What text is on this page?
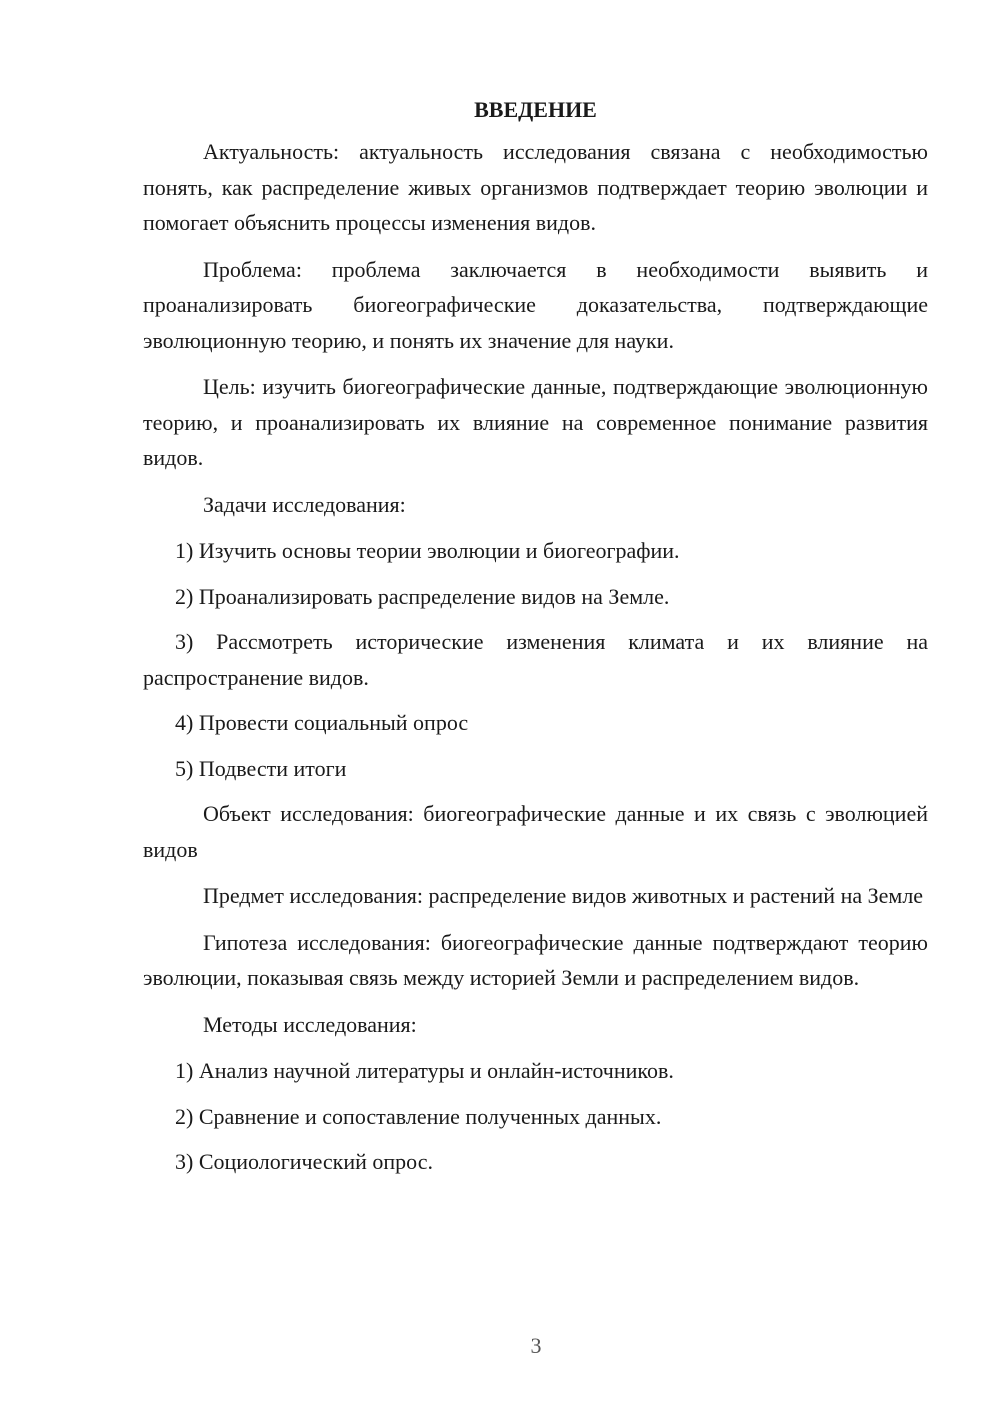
ВВЕДЕНИЕ

Актуальность: актуальность исследования связана с необходимостью понять, как распределение живых организмов подтверждает теорию эволюции и помогает объяснить процессы изменения видов.

Проблема: проблема заключается в необходимости выявить и проанализировать биогеографические доказательства, подтверждающие эволюционную теорию, и понять их значение для науки.

Цель: изучить биогеографические данные, подтверждающие эволюционную теорию, и проанализировать их влияние на современное понимание развития видов.

Задачи исследования:

1) Изучить основы теории эволюции и биогеографии.

2) Проанализировать распределение видов на Земле.

3) Рассмотреть исторические изменения климата и их влияние на распространение видов.

4) Провести социальный опрос

5) Подвести итоги

Объект исследования: биогеографические данные и их связь с эволюцией видов

Предмет исследования: распределение видов животных и растений на Земле

Гипотеза исследования: биогеографические данные подтверждают теорию эволюции, показывая связь между историей Земли и распределением видов.

Методы исследования:

1) Анализ научной литературы и онлайн-источников.

2) Сравнение и сопоставление полученных данных.

3) Социологический опрос.

3
